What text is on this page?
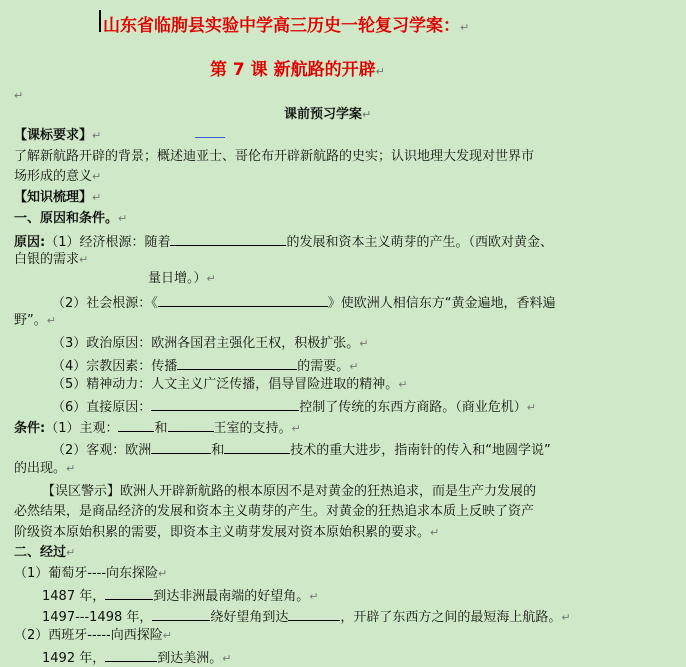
山东省临朐县实验中学高三历史一轮复习学案：↵
第 7 课 新航路的开辟↵
↵
课前预习学案↵
【课标要求】↵
了解新航路开辟的背景；概述迪亚士、哥伦布开辟新航路的史实；认识地理大发现对世界市
场形成的意义↵
【知识梳理】↵
一、原因和条件。↵
原因:（1）经济根源：随着	的发展和资本主义萌芽的产生。（西欧对黄金、
白银的需求↵
量日增。）↵
（2）社会根源：《	》使欧洲人相信东方“黄金遍地，香料遍
野”。↵
（3）政治原因：欧洲各国君主强化王权，积极扩张。↵
（4）宗教因素：传播	的需要。↵
（5）精神动力：人文主义广泛传播，倡导冒险进取的精神。↵
（6）直接原因：	控制了传统的东西方商路。（商业危机）↵
条件:（1）主观：	和	王室的支持。↵
（2）客观：欧洲	和	技术的重大进步，指南针的传入和“地圆学说”
的出现。↵
【误区警示】欧洲人开辟新航路的根本原因不是对黄金的狂热追求，而是生产力发展的
必然结果，是商品经济的发展和资本主义萌芽的产生。对黄金的狂热追求本质上反映了资产
阶级资本原始积累的需要，即资本主义萌芽发展对资本原始积累的要求。↵
二、经过↵
（1）葡萄牙----向东探险↵
1487 年，	到达非洲最南端的好望角。↵
1497---1498 年，	绕好望角到达	，开辟了东西方之间的最短海上航路。↵
（2）西班牙-----向西探险↵
1492 年，	到达美洲。↵
